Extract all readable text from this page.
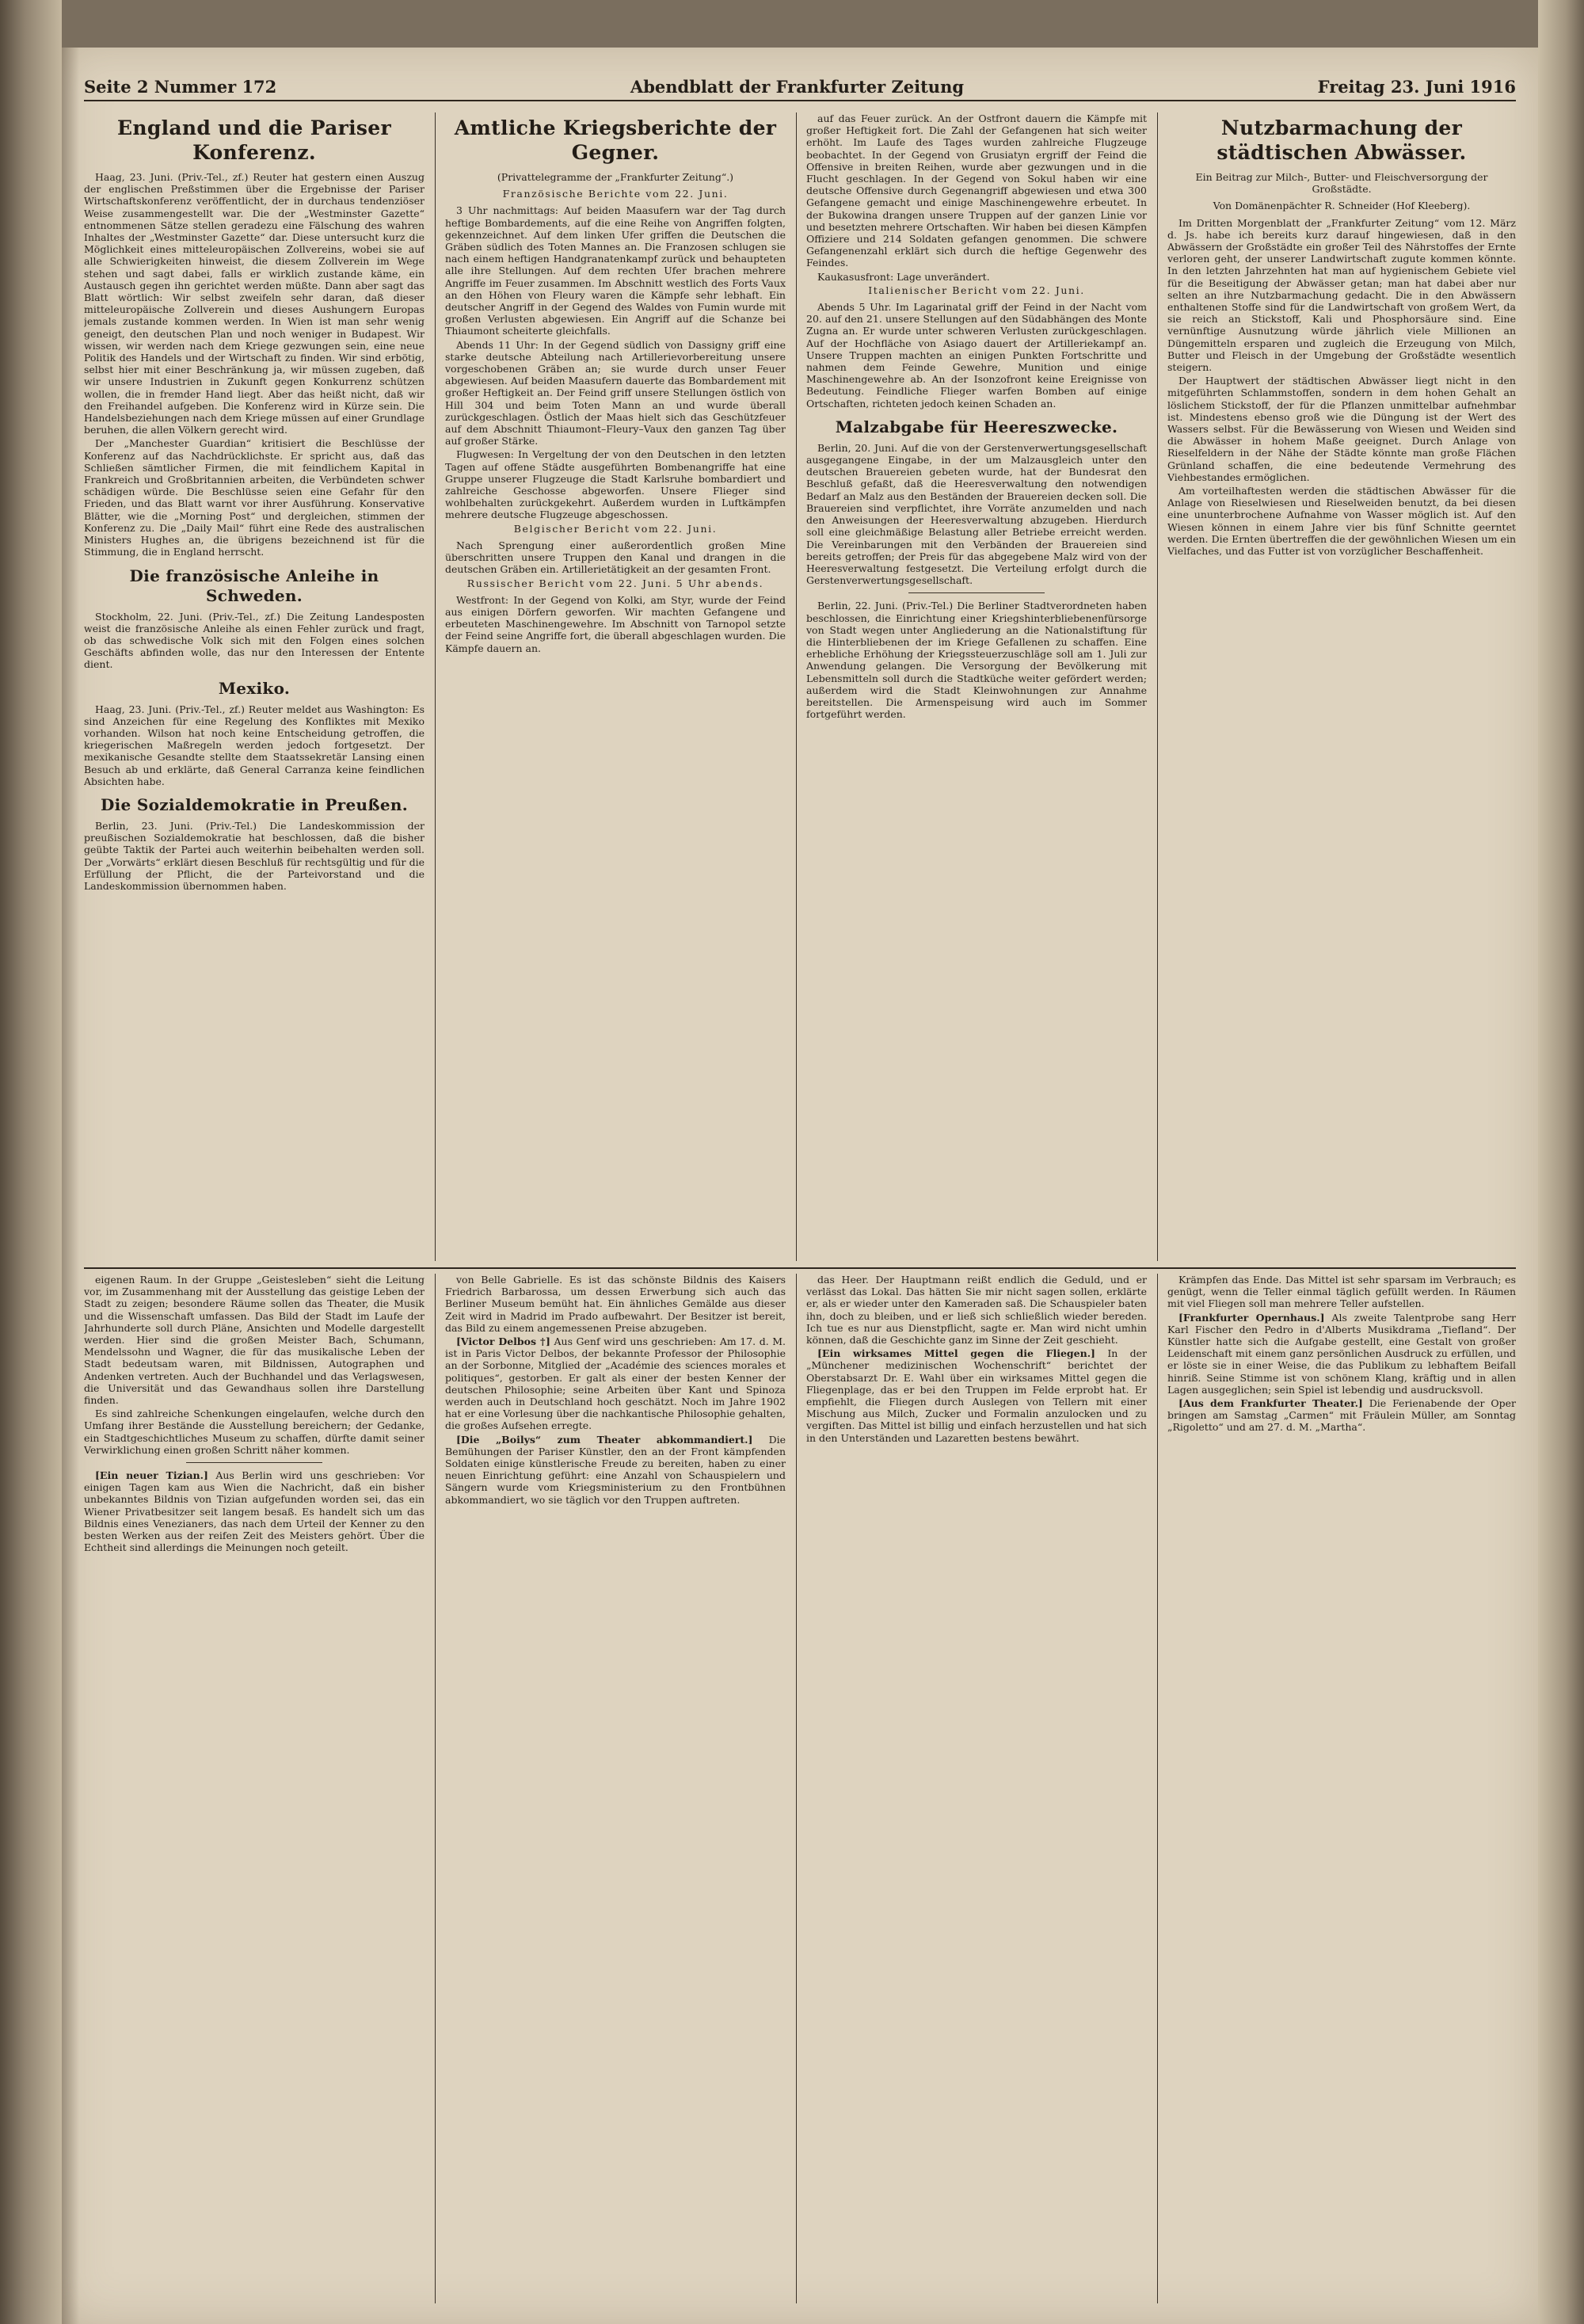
Seite 2 Nummer 172	Abendblatt der Frankfurter Zeitung	Freitag 23. Juni 1916
England und die Pariser Konferenz.

Haag, 23. Juni. (Priv.-Tel., zf.) Reuter hat gestern einen Auszug der englischen Preßstimmen über die Ergebnisse der Pariser Wirtschaftskonferenz veröffentlicht, der in durchaus tendenziöser Weise zusammengestellt war. Die der „Westminster Gazette“ entnommenen Sätze stellen geradezu eine Fälschung des wahren Inhaltes der „Westminster Gazette“ dar. Diese untersucht kurz die Möglichkeit eines mitteleuropäischen Zollvereins, wobei sie auf alle Schwierigkeiten hinweist, die diesem Zollverein im Wege stehen und sagt dabei, falls er wirklich zustande käme, ein Austausch gegen ihn gerichtet werden müßte. Dann aber sagt das Blatt wörtlich: Wir selbst zweifeln sehr daran, daß dieser mitteleuropäische Zollverein und dieses Aushungern Europas jemals zustande kommen werden. In Wien ist man sehr wenig geneigt, den deutschen Plan und noch weniger in Budapest. Wir wissen, wir werden nach dem Kriege gezwungen sein, eine neue Politik des Handels und der Wirtschaft zu finden. Wir sind erbötig, selbst hier mit einer Beschränkung ja, wir müssen zugeben, daß wir unsere Industrien in Zukunft gegen Konkurrenz schützen wollen, die in fremder Hand liegt. Aber das heißt nicht, daß wir den Freihandel aufgeben. Die Konferenz wird in Kürze sein. Die Handelsbeziehungen nach dem Kriege müssen auf einer Grundlage beruhen, die allen Völkern gerecht wird.

Der „Manchester Guardian“ kritisiert die Beschlüsse der Konferenz auf das Nachdrücklichste. Er spricht aus, daß das Schließen sämtlicher Firmen, die mit feindlichem Kapital in Frankreich und Großbritannien arbeiten, die Verbündeten schwer schädigen würde. Die Beschlüsse seien eine Gefahr für den Frieden, und das Blatt warnt vor ihrer Ausführung. Konservative Blätter, wie die „Morning Post“ und dergleichen, stimmen der Konferenz zu. Die „Daily Mail“ führt eine Rede des australischen Ministers Hughes an, die übrigens bezeichnend ist für die Stimmung, die in England herrscht.

Die französische Anleihe in Schweden.

Stockholm, 22. Juni. (Priv.-Tel., zf.) Die Zeitung Landesposten weist die französische Anleihe als einen Fehler zurück und fragt, ob das schwedische Volk sich mit den Folgen eines solchen Geschäfts abfinden wolle, das nur den Interessen der Entente dient.

Mexiko.

Haag, 23. Juni. (Priv.-Tel., zf.) Reuter meldet aus Washington: Es sind Anzeichen für eine Regelung des Konfliktes mit Mexiko vorhanden. Wilson hat noch keine Entscheidung getroffen, die kriegerischen Maßregeln werden jedoch fortgesetzt. Der mexikanische Gesandte stellte dem Staatssekretär Lansing einen Besuch ab und erklärte, daß General Carranza keine feindlichen Absichten habe.

Die Sozialdemokratie in Preußen.

Berlin, 23. Juni. (Priv.-Tel.) Die Landeskommission der preußischen Sozialdemokratie hat beschlossen, daß die bisher geübte Taktik der Partei auch weiterhin beibehalten werden soll. Der „Vorwärts“ erklärt diesen Beschluß für rechtsgültig und für die Erfüllung der Pflicht, die der Parteivorstand und die Landeskommission übernommen haben.

Amtliche Kriegsberichte der Gegner.
(Privattelegramme der „Frankfurter Zeitung“.)
Französische Berichte vom 22. Juni.

3 Uhr nachmittags: Auf beiden Maasufern war der Tag durch heftige Bombardements, auf die eine Reihe von Angriffen folgten, gekennzeichnet. Auf dem linken Ufer griffen die Deutschen die Gräben südlich des Toten Mannes an. Die Franzosen schlugen sie nach einem heftigen Handgranatenkampf zurück und behaupteten alle ihre Stellungen. Auf dem rechten Ufer brachen mehrere Angriffe im Feuer zusammen. Im Abschnitt westlich des Forts Vaux an den Höhen von Fleury waren die Kämpfe sehr lebhaft. Ein deutscher Angriff in der Gegend des Waldes von Fumin wurde mit großen Verlusten abgewiesen. Ein Angriff auf die Schanze bei Thiaumont scheiterte gleichfalls.

Abends 11 Uhr: In der Gegend südlich von Dassigny griff eine starke deutsche Abteilung nach Artillerievorbereitung unsere vorgeschobenen Gräben an; sie wurde durch unser Feuer abgewiesen. Auf beiden Maasufern dauerte das Bombardement mit großer Heftigkeit an. Der Feind griff unsere Stellungen östlich von Hill 304 und beim Toten Mann an und wurde überall zurückgeschlagen. Östlich der Maas hielt sich das Geschützfeuer auf dem Abschnitt Thiaumont–Fleury–Vaux den ganzen Tag über auf großer Stärke.

Flugwesen: In Vergeltung der von den Deutschen in den letzten Tagen auf offene Städte ausgeführten Bombenangriffe hat eine Gruppe unserer Flugzeuge die Stadt Karlsruhe bombardiert und zahlreiche Geschosse abgeworfen. Unsere Flieger sind wohlbehalten zurückgekehrt. Außerdem wurden in Luftkämpfen mehrere deutsche Flugzeuge abgeschossen.

Belgischer Bericht vom 22. Juni.

Nach Sprengung einer außerordentlich großen Mine überschritten unsere Truppen den Kanal und drangen in die deutschen Gräben ein. Artillerietätigkeit an der gesamten Front.

Russischer Bericht vom 22. Juni. 5 Uhr abends.

Westfront: In der Gegend von Kolki, am Styr, wurde der Feind aus einigen Dörfern geworfen. Wir machten Gefangene und erbeuteten Maschinengewehre. Im Abschnitt von Tarnopol setzte der Feind seine Angriffe fort, die überall abgeschlagen wurden. Die Kämpfe dauern an.

auf das Feuer zurück. An der Ostfront dauern die Kämpfe mit großer Heftigkeit fort. Die Zahl der Gefangenen hat sich weiter erhöht. Im Laufe des Tages wurden zahlreiche Flugzeuge beobachtet. In der Gegend von Grusiatyn ergriff der Feind die Offensive in breiten Reihen, wurde aber gezwungen und in die Flucht geschlagen. In der Gegend von Sokul haben wir eine deutsche Offensive durch Gegenangriff abgewiesen und etwa 300 Gefangene gemacht und einige Maschinengewehre erbeutet. In der Bukowina drangen unsere Truppen auf der ganzen Linie vor und besetzten mehrere Ortschaften. Wir haben bei diesen Kämpfen Offiziere und 214 Soldaten gefangen genommen. Die schwere Gefangenenzahl erklärt sich durch die heftige Gegenwehr des Feindes.

Kaukasusfront: Lage unverändert.

Italienischer Bericht vom 22. Juni.

Abends 5 Uhr. Im Lagarinatal griff der Feind in der Nacht vom 20. auf den 21. unsere Stellungen auf den Südabhängen des Monte Zugna an. Er wurde unter schweren Verlusten zurückgeschlagen. Auf der Hochfläche von Asiago dauert der Artilleriekampf an. Unsere Truppen machten an einigen Punkten Fortschritte und nahmen dem Feinde Gewehre, Munition und einige Maschinengewehre ab. An der Isonzofront keine Ereignisse von Bedeutung. Feindliche Flieger warfen Bomben auf einige Ortschaften, richteten jedoch keinen Schaden an.

Malzabgabe für Heereszwecke.

Berlin, 20. Juni. Auf die von der Gerstenverwertungsgesellschaft ausgegangene Eingabe, in der um Malzausgleich unter den deutschen Brauereien gebeten wurde, hat der Bundesrat den Beschluß gefaßt, daß die Heeresverwaltung den notwendigen Bedarf an Malz aus den Beständen der Brauereien decken soll. Die Brauereien sind verpflichtet, ihre Vorräte anzumelden und nach den Anweisungen der Heeresverwaltung abzugeben. Hierdurch soll eine gleichmäßige Belastung aller Betriebe erreicht werden. Die Vereinbarungen mit den Verbänden der Brauereien sind bereits getroffen; der Preis für das abgegebene Malz wird von der Heeresverwaltung festgesetzt. Die Verteilung erfolgt durch die Gerstenverwertungsgesellschaft.

Berlin, 22. Juni. (Priv.-Tel.) Die Berliner Stadtverordneten haben beschlossen, die Einrichtung einer Kriegshinterbliebenenfürsorge von Stadt wegen unter Angliederung an die Nationalstiftung für die Hinterbliebenen der im Kriege Gefallenen zu schaffen. Eine erhebliche Erhöhung der Kriegssteuerzuschläge soll am 1. Juli zur Anwendung gelangen. Die Versorgung der Bevölkerung mit Lebensmitteln soll durch die Stadtküche weiter gefördert werden; außerdem wird die Stadt Kleinwohnungen zur Annahme bereitstellen. Die Armenspeisung wird auch im Sommer fortgeführt werden.

Nutzbarmachung der städtischen Abwässer.
Ein Beitrag zur Milch-, Butter- und Fleischversorgung der Großstädte.
Von Domänenpächter R. Schneider (Hof Kleeberg).

Im Dritten Morgenblatt der „Frankfurter Zeitung“ vom 12. März d. Js. habe ich bereits kurz darauf hingewiesen, daß in den Abwässern der Großstädte ein großer Teil des Nährstoffes der Ernte verloren geht, der unserer Landwirtschaft zugute kommen könnte. In den letzten Jahrzehnten hat man auf hygienischem Gebiete viel für die Beseitigung der Abwässer getan; man hat dabei aber nur selten an ihre Nutzbarmachung gedacht. Die in den Abwässern enthaltenen Stoffe sind für die Landwirtschaft von großem Wert, da sie reich an Stickstoff, Kali und Phosphorsäure sind. Eine vernünftige Ausnutzung würde jährlich viele Millionen an Düngemitteln ersparen und zugleich die Erzeugung von Milch, Butter und Fleisch in der Umgebung der Großstädte wesentlich steigern.

Der Hauptwert der städtischen Abwässer liegt nicht in den mitgeführten Schlammstoffen, sondern in dem hohen Gehalt an löslichem Stickstoff, der für die Pflanzen unmittelbar aufnehmbar ist. Mindestens ebenso groß wie die Düngung ist der Wert des Wassers selbst. Für die Bewässerung von Wiesen und Weiden sind die Abwässer in hohem Maße geeignet. Durch Anlage von Rieselfeldern in der Nähe der Städte könnte man große Flächen Grünland schaffen, die eine bedeutende Vermehrung des Viehbestandes ermöglichen.

Am vorteilhaftesten werden die städtischen Abwässer für die Anlage von Rieselwiesen und Rieselweiden benutzt, da bei diesen eine ununterbrochene Aufnahme von Wasser möglich ist. Auf den Wiesen können in einem Jahre vier bis fünf Schnitte geerntet werden. Die Ernten übertreffen die der gewöhnlichen Wiesen um ein Vielfaches, und das Futter ist von vorzüglicher Beschaffenheit.

eigenen Raum. In der Gruppe „Geistesleben“ sieht die Leitung vor, im Zusammenhang mit der Ausstellung das geistige Leben der Stadt zu zeigen; besondere Räume sollen das Theater, die Musik und die Wissenschaft umfassen. Das Bild der Stadt im Laufe der Jahrhunderte soll durch Pläne, Ansichten und Modelle dargestellt werden. Hier sind die großen Meister Bach, Schumann, Mendelssohn und Wagner, die für das musikalische Leben der Stadt bedeutsam waren, mit Bildnissen, Autographen und Andenken vertreten. Auch der Buchhandel und das Verlagswesen, die Universität und das Gewandhaus sollen ihre Darstellung finden.

Es sind zahlreiche Schenkungen eingelaufen, welche durch den Umfang ihrer Bestände die Ausstellung bereichern; der Gedanke, ein Stadtgeschichtliches Museum zu schaffen, dürfte damit seiner Verwirklichung einen großen Schritt näher kommen.

[Ein neuer Tizian.] Aus Berlin wird uns geschrieben: Vor einigen Tagen kam aus Wien die Nachricht, daß ein bisher unbekanntes Bildnis von Tizian aufgefunden worden sei, das ein Wiener Privatbesitzer seit langem besaß. Es handelt sich um das Bildnis eines Venezianers, das nach dem Urteil der Kenner zu den besten Werken aus der reifen Zeit des Meisters gehört. Über die Echtheit sind allerdings die Meinungen noch geteilt.

von Belle Gabrielle. Es ist das schönste Bildnis des Kaisers Friedrich Barbarossa, um dessen Erwerbung sich auch das Berliner Museum bemüht hat. Ein ähnliches Gemälde aus dieser Zeit wird in Madrid im Prado aufbewahrt. Der Besitzer ist bereit, das Bild zu einem angemessenen Preise abzugeben.

[Victor Delbos †] Aus Genf wird uns geschrieben: Am 17. d. M. ist in Paris Victor Delbos, der bekannte Professor der Philosophie an der Sorbonne, Mitglied der „Académie des sciences morales et politiques“, gestorben. Er galt als einer der besten Kenner der deutschen Philosophie; seine Arbeiten über Kant und Spinoza werden auch in Deutschland hoch geschätzt. Noch im Jahre 1902 hat er eine Vorlesung über die nachkantische Philosophie gehalten, die großes Aufsehen erregte.

[Die „Boilys“ zum Theater abkommandiert.] Die Bemühungen der Pariser Künstler, den an der Front kämpfenden Soldaten einige künstlerische Freude zu bereiten, haben zu einer neuen Einrichtung geführt: eine Anzahl von Schauspielern und Sängern wurde vom Kriegsministerium zu den Frontbühnen abkommandiert, wo sie täglich vor den Truppen auftreten.

das Heer. Der Hauptmann reißt endlich die Geduld, und er verlässt das Lokal. Das hätten Sie mir nicht sagen sollen, erklärte er, als er wieder unter den Kameraden saß. Die Schauspieler baten ihn, doch zu bleiben, und er ließ sich schließlich wieder bereden. Ich tue es nur aus Dienstpflicht, sagte er. Man wird nicht umhin können, daß die Geschichte ganz im Sinne der Zeit geschieht.

[Ein wirksames Mittel gegen die Fliegen.] In der „Münchener medizinischen Wochenschrift“ berichtet der Oberstabsarzt Dr. E. Wahl über ein wirksames Mittel gegen die Fliegenplage, das er bei den Truppen im Felde erprobt hat. Er empfiehlt, die Fliegen durch Auslegen von Tellern mit einer Mischung aus Milch, Zucker und Formalin anzulocken und zu vergiften. Das Mittel ist billig und einfach herzustellen und hat sich in den Unterständen und Lazaretten bestens bewährt.

Krämpfen das Ende. Das Mittel ist sehr sparsam im Verbrauch; es genügt, wenn die Teller einmal täglich gefüllt werden. In Räumen mit viel Fliegen soll man mehrere Teller aufstellen.

[Frankfurter Opernhaus.] Als zweite Talentprobe sang Herr Karl Fischer den Pedro in d'Alberts Musikdrama „Tiefland“. Der Künstler hatte sich die Aufgabe gestellt, eine Gestalt von großer Leidenschaft mit einem ganz persönlichen Ausdruck zu erfüllen, und er löste sie in einer Weise, die das Publikum zu lebhaftem Beifall hinriß. Seine Stimme ist von schönem Klang, kräftig und in allen Lagen ausgeglichen; sein Spiel ist lebendig und ausdrucksvoll.

[Aus dem Frankfurter Theater.] Die Ferienabende der Oper bringen am Samstag „Carmen“ mit Fräulein Müller, am Sonntag „Rigoletto“ und am 27. d. M. „Martha“.
